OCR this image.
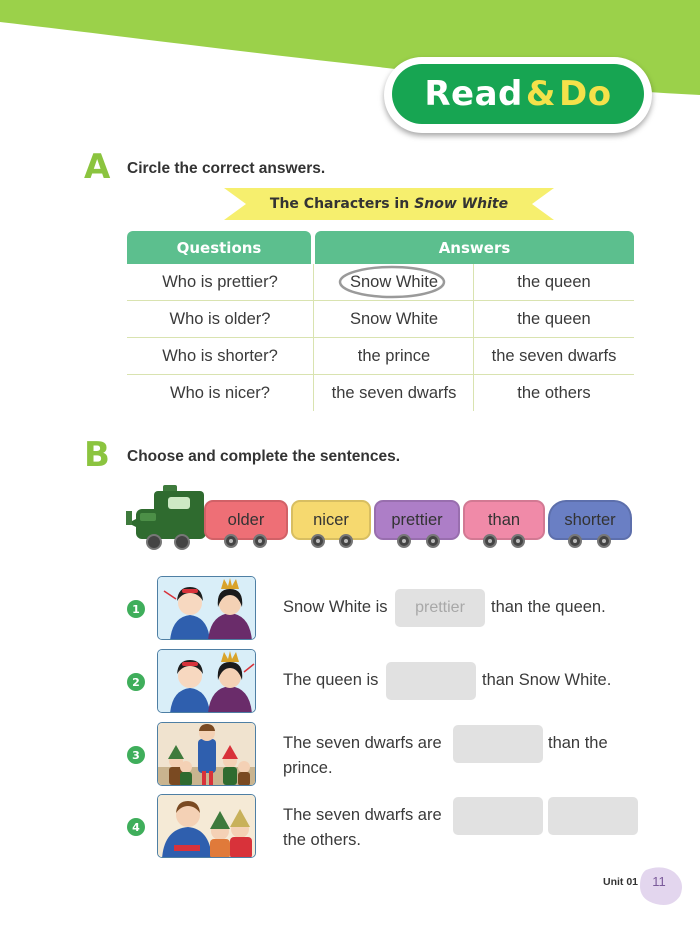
Read & Do
A Circle the correct answers.
The Characters in Snow White
Questions	Answers
Who is prettier?	Snow White	the queen
Who is older?	Snow White	the queen
Who is shorter?	the prince	the seven dwarfs
Who is nicer?	the seven dwarfs	the others
B Choose and complete the sentences.
older	nicer	prettier	than	shorter
1	Snow White is	prettier	than the queen.
2	The queen is	than Snow White.
3
The seven dwarfs are	than the
prince.
4
The seven dwarfs are
the others.
Unit 01	11
